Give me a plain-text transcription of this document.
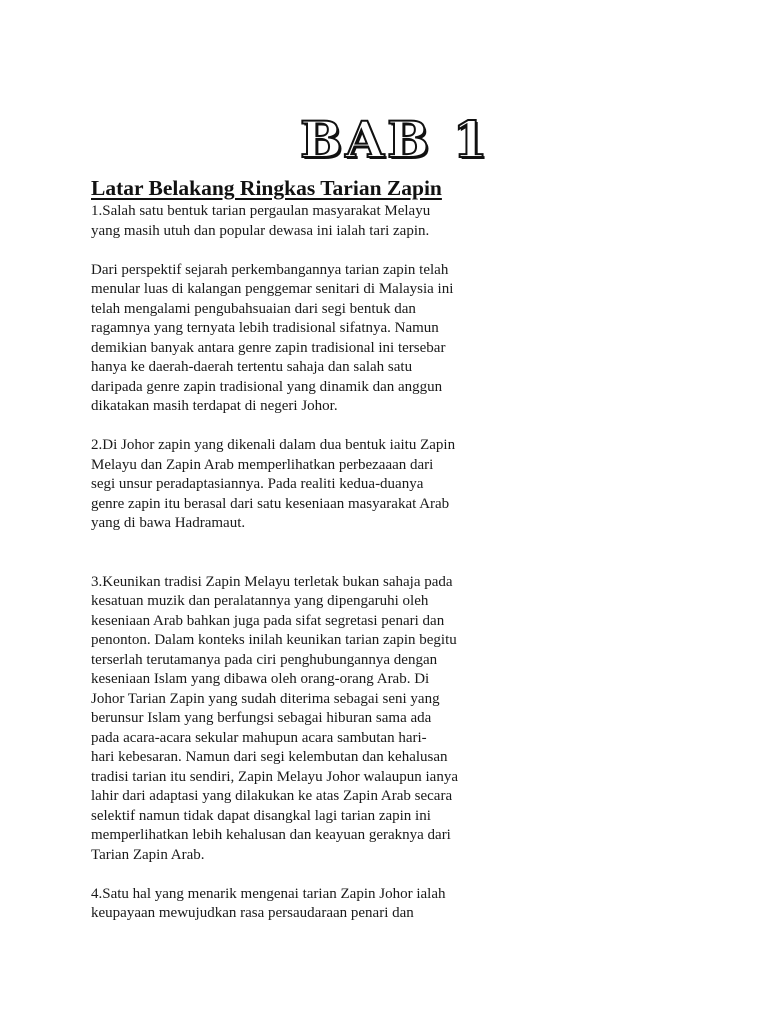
BAB 1
Latar Belakang Ringkas Tarian Zapin

1.Salah satu bentuk tarian pergaulan masyarakat Melayu
yang masih utuh dan popular dewasa ini ialah tari zapin.

Dari perspektif sejarah perkembangannya tarian zapin telah
menular luas di kalangan penggemar senitari di Malaysia ini
telah mengalami pengubahsuaian dari segi bentuk dan
ragamnya yang ternyata lebih tradisional sifatnya. Namun
demikian banyak antara genre zapin tradisional ini tersebar
hanya ke daerah-daerah tertentu sahaja dan salah satu
daripada genre zapin tradisional yang dinamik dan anggun
dikatakan masih terdapat di negeri Johor.

2.Di Johor zapin yang dikenali dalam dua bentuk iaitu Zapin
Melayu dan Zapin Arab memperlihatkan perbezaaan dari
segi unsur peradaptasiannya. Pada realiti kedua-duanya
genre zapin itu berasal dari satu keseniaan masyarakat Arab
yang di bawa Hadramaut.

3.Keunikan tradisi Zapin Melayu terletak bukan sahaja pada
kesatuan muzik dan peralatannya yang dipengaruhi oleh
keseniaan Arab bahkan juga pada sifat segretasi penari dan
penonton. Dalam konteks inilah keunikan tarian zapin begitu
terserlah terutamanya pada ciri penghubungannya dengan
keseniaan Islam yang dibawa oleh orang-orang Arab. Di
Johor Tarian Zapin yang sudah diterima sebagai seni yang
berunsur Islam yang berfungsi sebagai hiburan sama ada
pada acara-acara sekular mahupun acara sambutan hari-
hari kebesaran. Namun dari segi kelembutan dan kehalusan
tradisi tarian itu sendiri, Zapin Melayu Johor walaupun ianya
lahir dari adaptasi yang dilakukan ke atas Zapin Arab secara
selektif namun tidak dapat disangkal lagi tarian zapin ini
memperlihatkan lebih kehalusan dan keayuan geraknya dari
Tarian Zapin Arab.

4.Satu hal yang menarik mengenai tarian Zapin Johor ialah
keupayaan mewujudkan rasa persaudaraan penari dan
